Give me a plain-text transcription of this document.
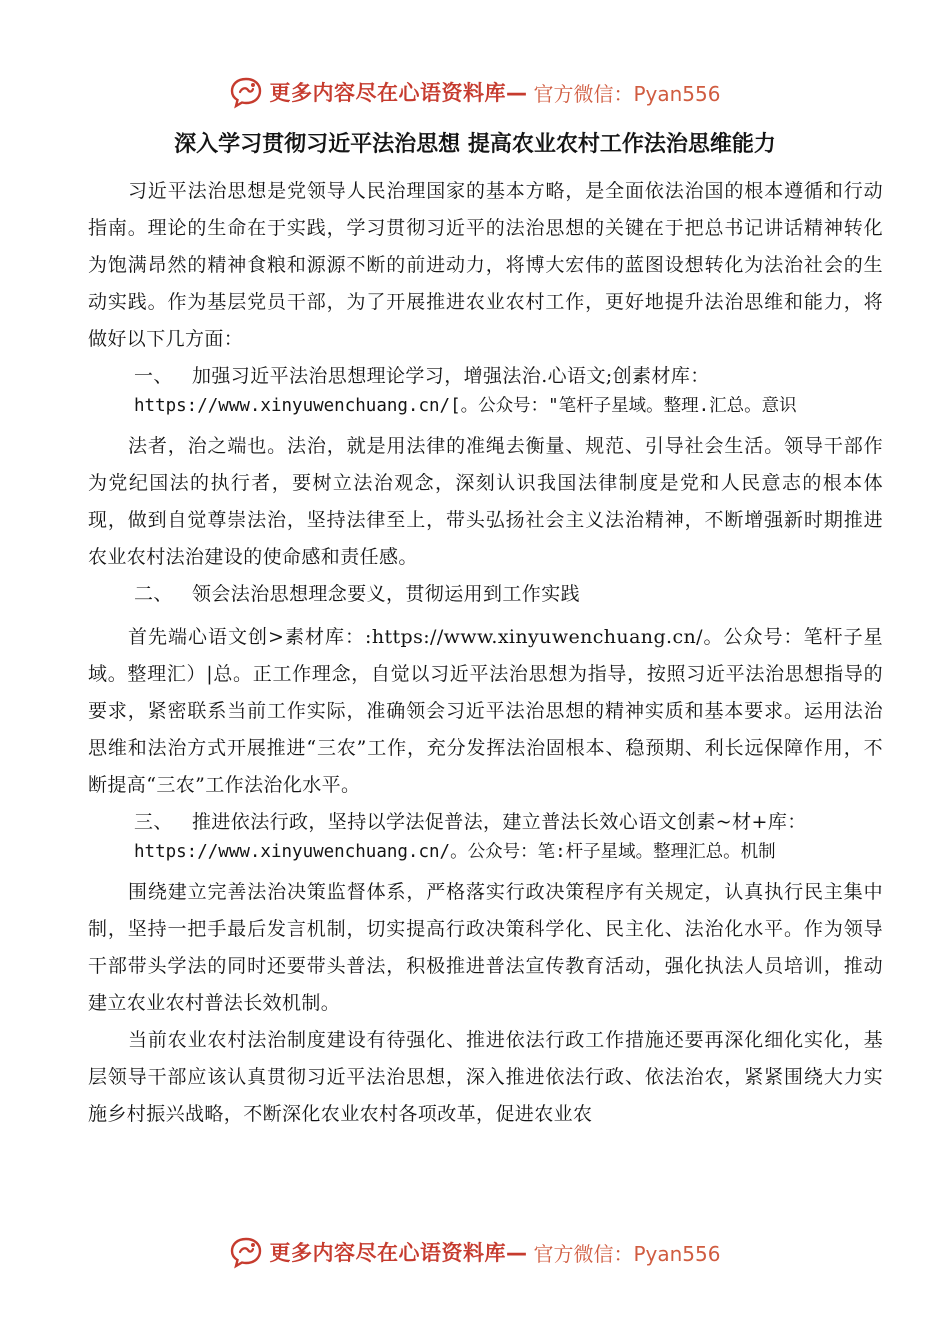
更多内容尽在心语资料库— 官方微信：Pyan556
深入学习贯彻习近平法治思想 提高农业农村工作法治思维能力

习近平法治思想是党领导人民治理国家的基本方略，是全面依法治国的根本遵循和行动指南。理论的生命在于实践，学习贯彻习近平的法治思想的关键在于把总书记讲话精神转化为饱满昂然的精神食粮和源源不断的前进动力，将博大宏伟的蓝图设想转化为法治社会的生动实践。作为基层党员干部，为了开展推进农业农村工作，更好地提升法治思维和能力，将做好以下几方面：

一、 加强习近平法治思想理论学习，增强法治.心语文;创素材库：
https://www.xinyuwenchuang.cn/[。公众号："笔杆子星域。整理.汇总。意识

法者，治之端也。法治，就是用法律的准绳去衡量、规范、引导社会生活。领导干部作为党纪国法的执行者，要树立法治观念，深刻认识我国法律制度是党和人民意志的根本体现，做到自觉尊崇法治，坚持法律至上，带头弘扬社会主义法治精神，不断增强新时期推进农业农村法治建设的使命感和责任感。

二、 领会法治思想理念要义，贯彻运用到工作实践

首先端心语文创>素材库：:https://www.xinyuwenchuang.cn/。公众号：笔杆子星域。整理汇）|总。正工作理念，自觉以习近平法治思想为指导，按照习近平法治思想指导的要求，紧密联系当前工作实际，准确领会习近平法治思想的精神实质和基本要求。运用法治思维和法治方式开展推进“三农”工作，充分发挥法治固根本、稳预期、利长远保障作用，不断提高“三农”工作法治化水平。

三、 推进依法行政，坚持以学法促普法，建立普法长效心语文创素~材+库：
https://www.xinyuwenchuang.cn/。公众号：笔:杆子星域。整理汇总。机制

围绕建立完善法治决策监督体系，严格落实行政决策程序有关规定，认真执行民主集中制，坚持一把手最后发言机制，切实提高行政决策科学化、民主化、法治化水平。作为领导干部带头学法的同时还要带头普法，积极推进普法宣传教育活动，强化执法人员培训，推动建立农业农村普法长效机制。

当前农业农村法治制度建设有待强化、推进依法行政工作措施还要再深化细化实化，基层领导干部应该认真贯彻习近平法治思想，深入推进依法行政、依法治农，紧紧围绕大力实施乡村振兴战略，不断深化农业农村各项改革，促进农业农

更多内容尽在心语资料库— 官方微信：Pyan556
